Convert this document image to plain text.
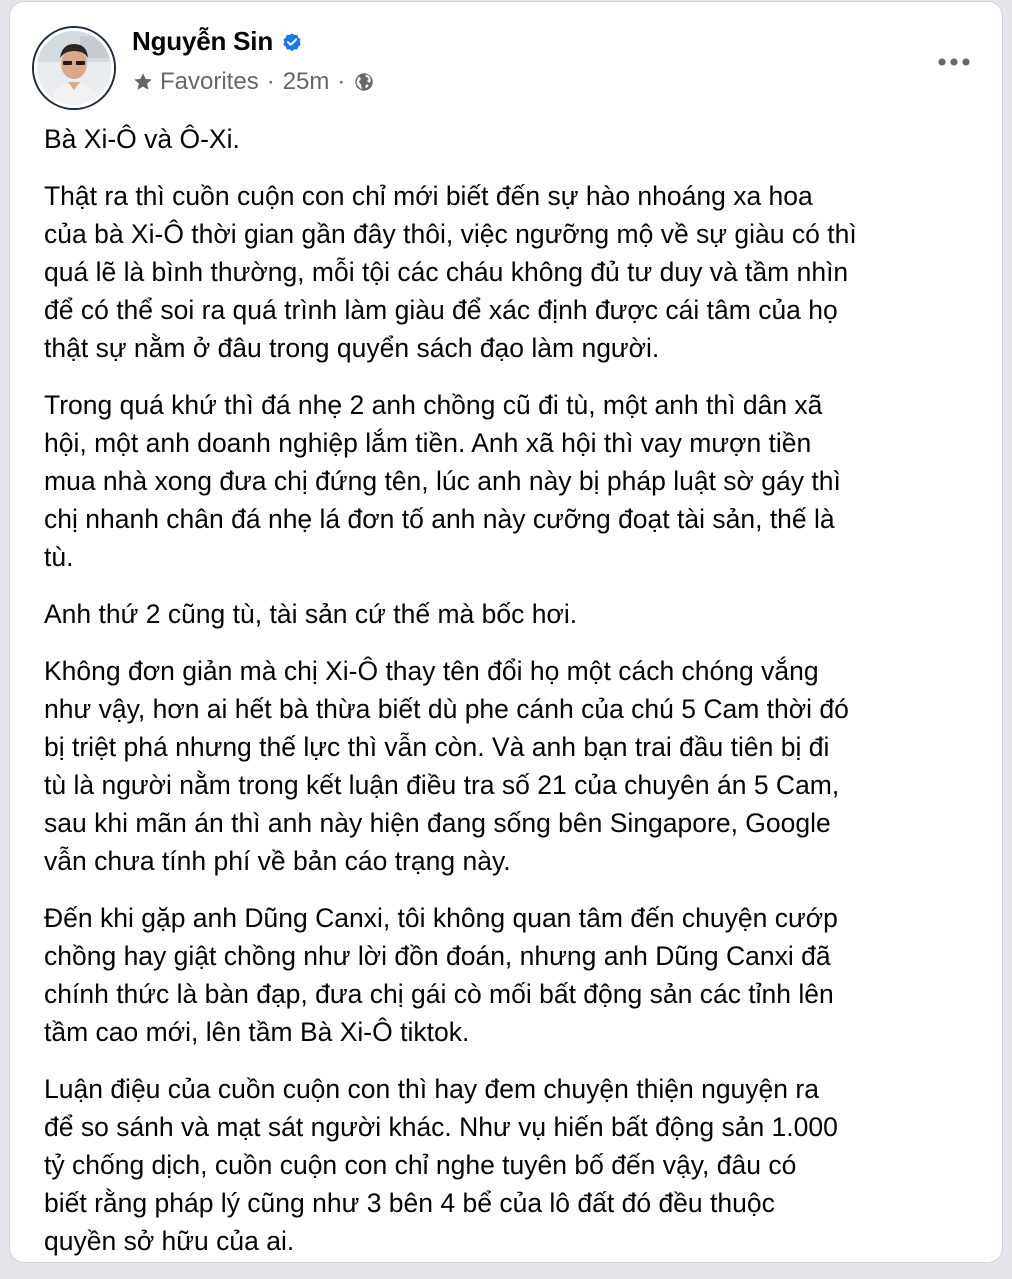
Nguyễn Sin
Favorites · 25m ·

Bà Xi-Ô và Ô-Xi.

Thật ra thì cuồn cuộn con chỉ mới biết đến sự hào nhoáng xa hoa
của bà Xi-Ô thời gian gần đây thôi, việc ngưỡng mộ về sự giàu có thì
quá lẽ là bình thường, mỗi tội các cháu không đủ tư duy và tầm nhìn
để có thể soi ra quá trình làm giàu để xác định được cái tâm của họ
thật sự nằm ở đâu trong quyển sách đạo làm người.

Trong quá khứ thì đá nhẹ 2 anh chồng cũ đi tù, một anh thì dân xã
hội, một anh doanh nghiệp lắm tiền. Anh xã hội thì vay mượn tiền
mua nhà xong đưa chị đứng tên, lúc anh này bị pháp luật sờ gáy thì
chị nhanh chân đá nhẹ lá đơn tố anh này cưỡng đoạt tài sản, thế là
tù.

Anh thứ 2 cũng tù, tài sản cứ thế mà bốc hơi.

Không đơn giản mà chị Xi-Ô thay tên đổi họ một cách chóng vắng
như vậy, hơn ai hết bà thừa biết dù phe cánh của chú 5 Cam thời đó
bị triệt phá nhưng thế lực thì vẫn còn. Và anh bạn trai đầu tiên bị đi
tù là người nằm trong kết luận điều tra số 21 của chuyên án 5 Cam,
sau khi mãn án thì anh này hiện đang sống bên Singapore, Google
vẫn chưa tính phí về bản cáo trạng này.

Đến khi gặp anh Dũng Canxi, tôi không quan tâm đến chuyện cướp
chồng hay giật chồng như lời đồn đoán, nhưng anh Dũng Canxi đã
chính thức là bàn đạp, đưa chị gái cò mối bất động sản các tỉnh lên
tầm cao mới, lên tầm Bà Xi-Ô tiktok.

Luận điệu của cuồn cuộn con thì hay đem chuyện thiện nguyện ra
để so sánh và mạt sát người khác. Như vụ hiến bất động sản 1.000
tỷ chống dịch, cuồn cuộn con chỉ nghe tuyên bố đến vậy, đâu có
biết rằng pháp lý cũng như 3 bên 4 bể của lô đất đó đều thuộc
quyền sở hữu của ai.
